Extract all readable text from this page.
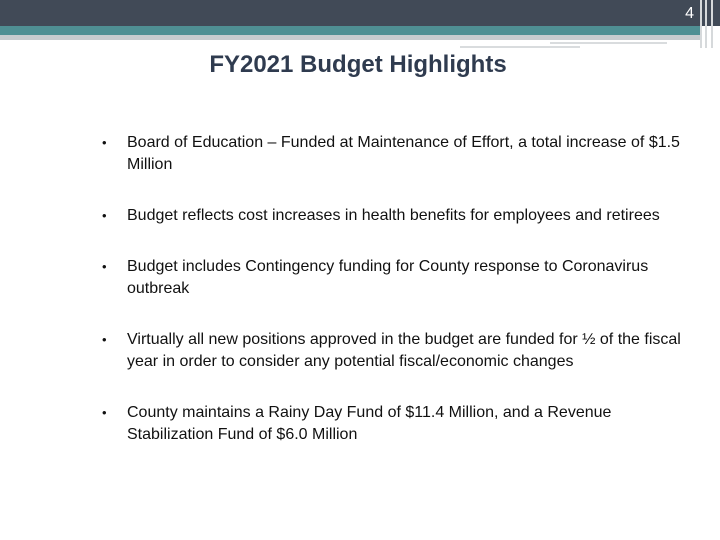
4
FY2021 Budget Highlights
• Board of Education – Funded at Maintenance of Effort, a total increase of $1.5 Million
• Budget reflects cost increases in health benefits for employees and retirees
• Budget includes Contingency funding for County response to Coronavirus outbreak
• Virtually all new positions approved in the budget are funded for ½ of the fiscal year in order to consider any potential fiscal/economic changes
• County maintains a Rainy Day Fund of $11.4 Million, and a Revenue Stabilization Fund of $6.0 Million
